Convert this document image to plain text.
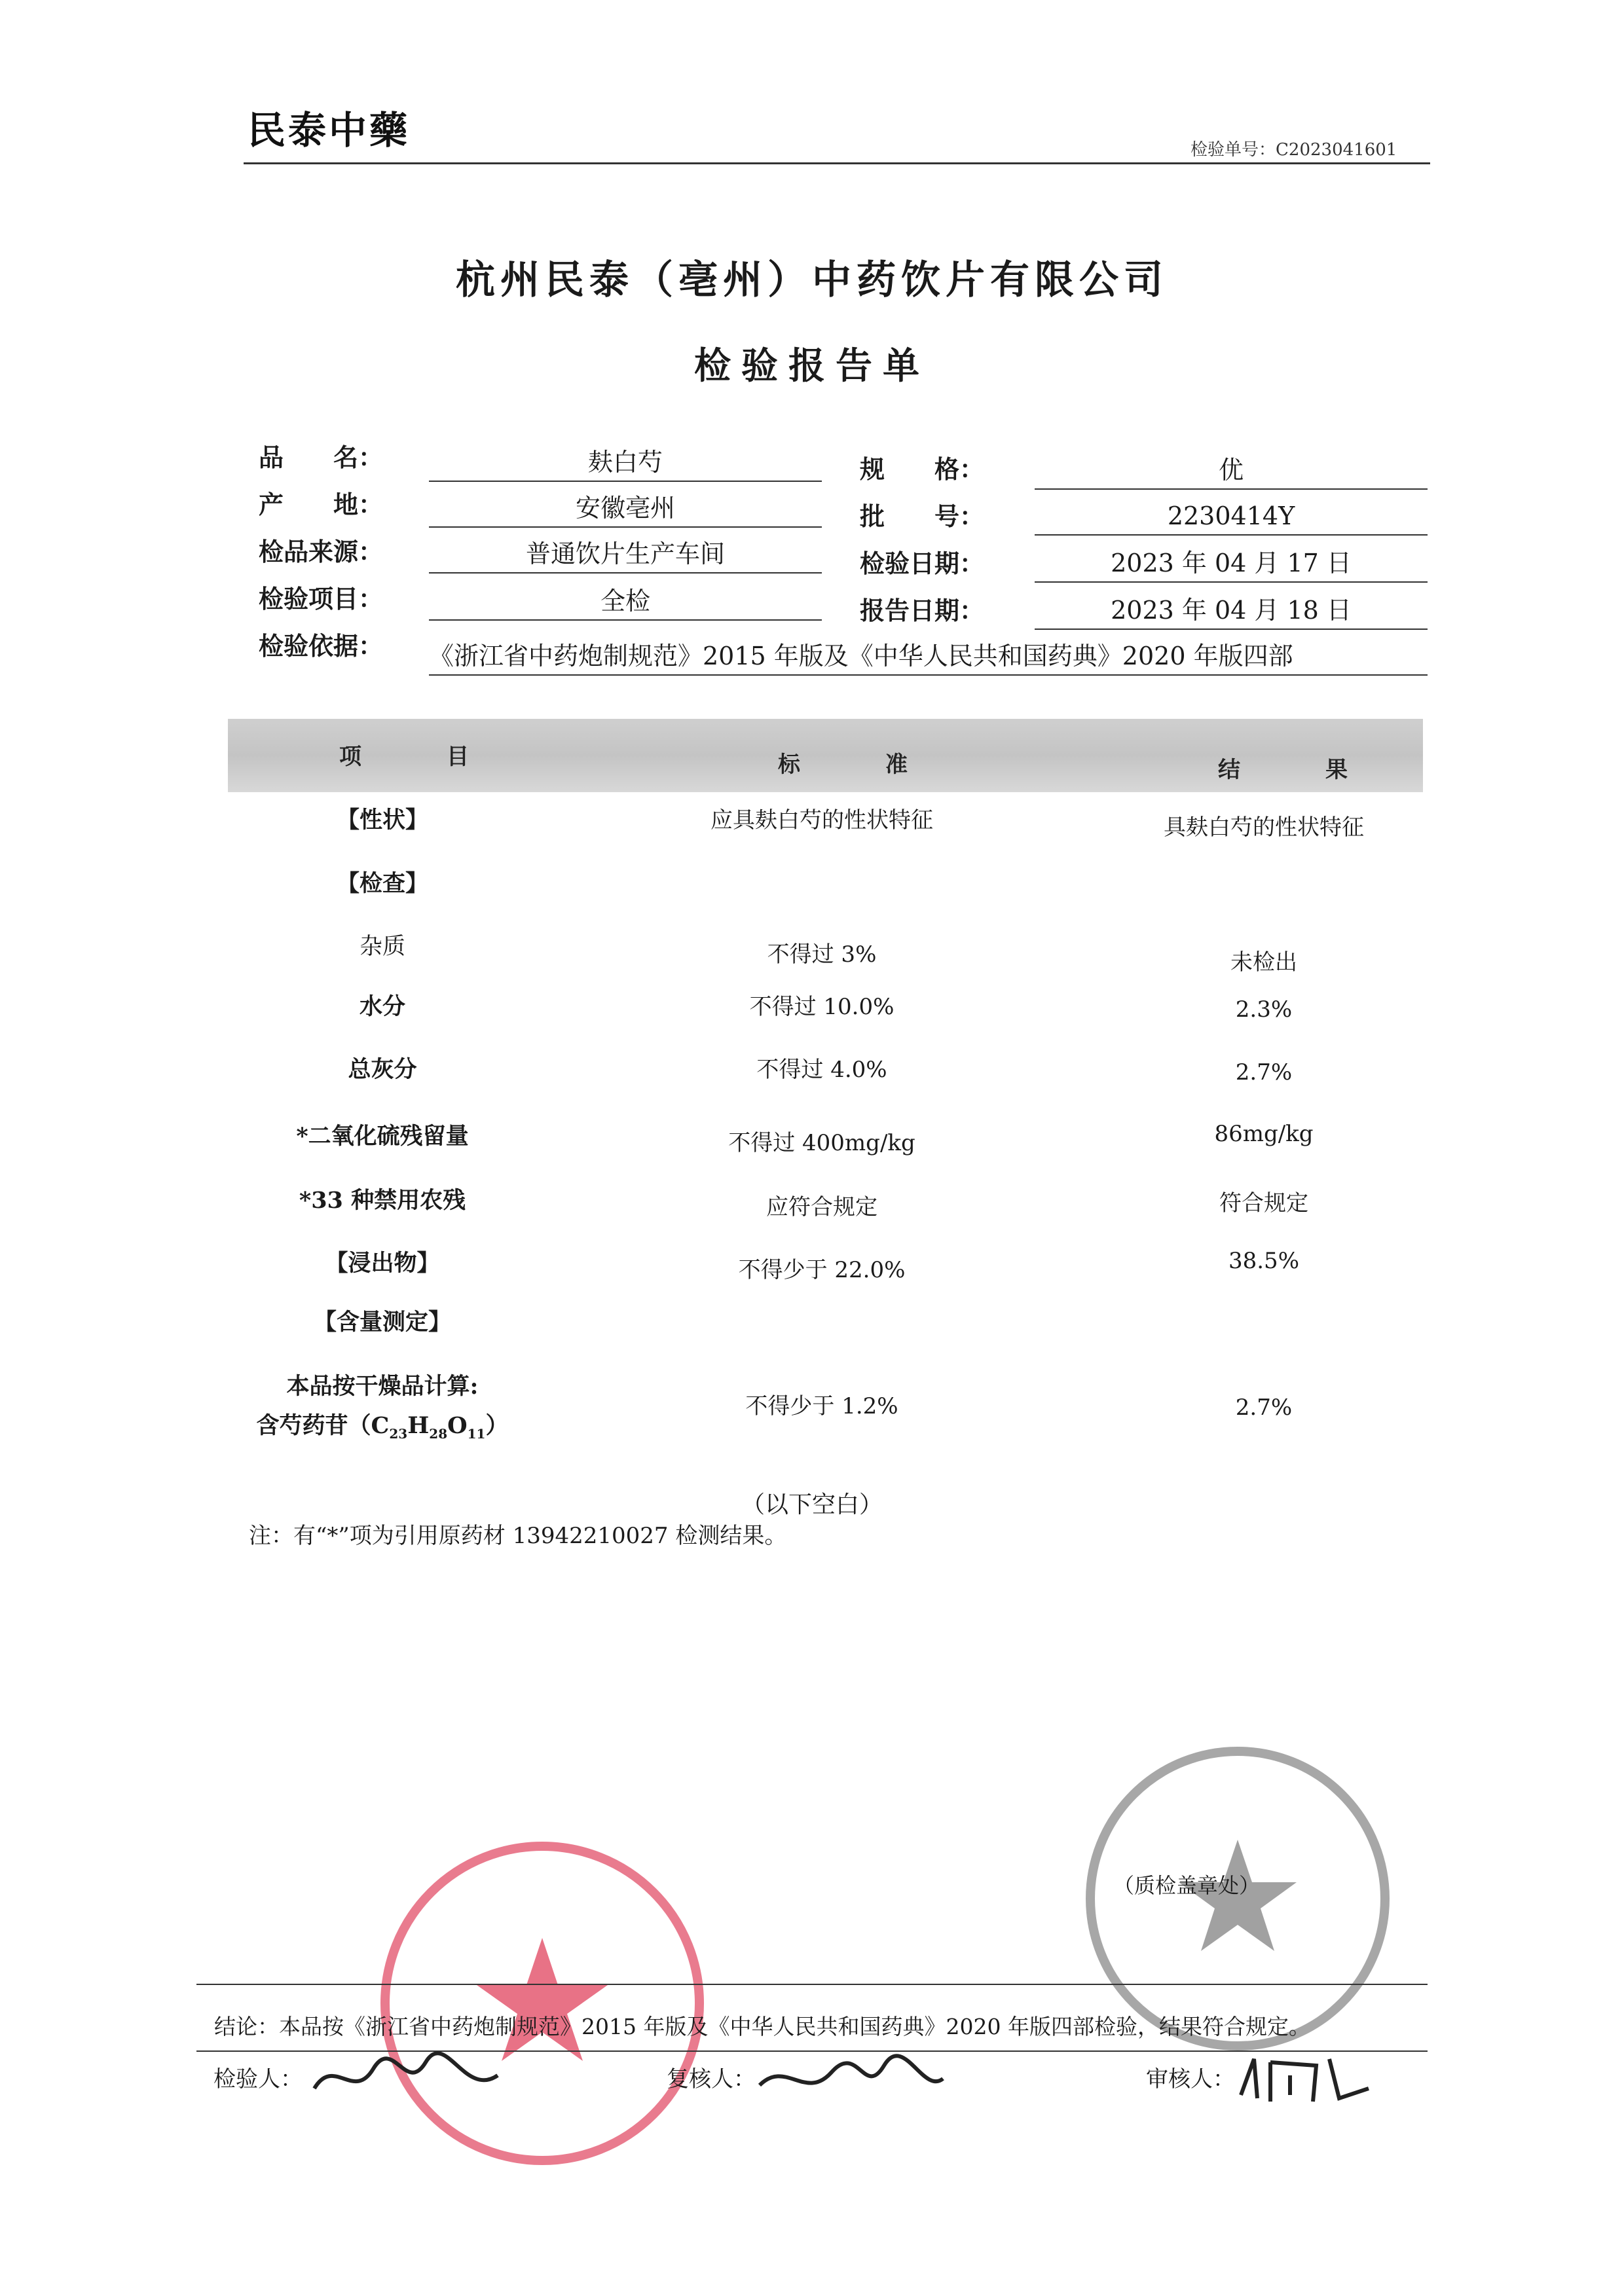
民泰中藥	检验单号：C2023041601
杭州民泰（亳州）中药饮片有限公司
检验报告单
品　　名：	麸白芍	规　　格：	优
产　　地：	安徽亳州	批　　号：	2230414Y
检品来源：	普通饮片生产车间	检验日期：	2023 年 04 月 17 日
检验项目：	全检	报告日期：	2023 年 04 月 18 日
检验依据： 《浙江省中药炮制规范》2015 年版及《中华人民共和国药典》2020 年版四部
项　目	标　准	结　果
【性状】	应具麸白芍的性状特征	具麸白芍的性状特征
【检查】
杂质	不得过 3%	未检出
水分	不得过 10.0%	2.3%
总灰分	不得过 4.0%	2.7%
*二氧化硫残留量	不得过 400mg/kg	86mg/kg
*33 种禁用农残	应符合规定	符合规定
【浸出物】	不得少于 22.0%	38.5%
【含量测定】
本品按干燥品计算:
含芍药苷$(C_{23}H_{28}O_{11})$
不得少于 1.2%	2.7%
（以下空白）
注：有“*”项为引用原药材 13942210027 检测结果。
（质检盖章处）
结论：本品按《浙江省中药炮制规范》2015 年版及《中华人民共和国药典》2020 年版四部检验，结果符合规定。
检验人：	复核人：	审核人：
